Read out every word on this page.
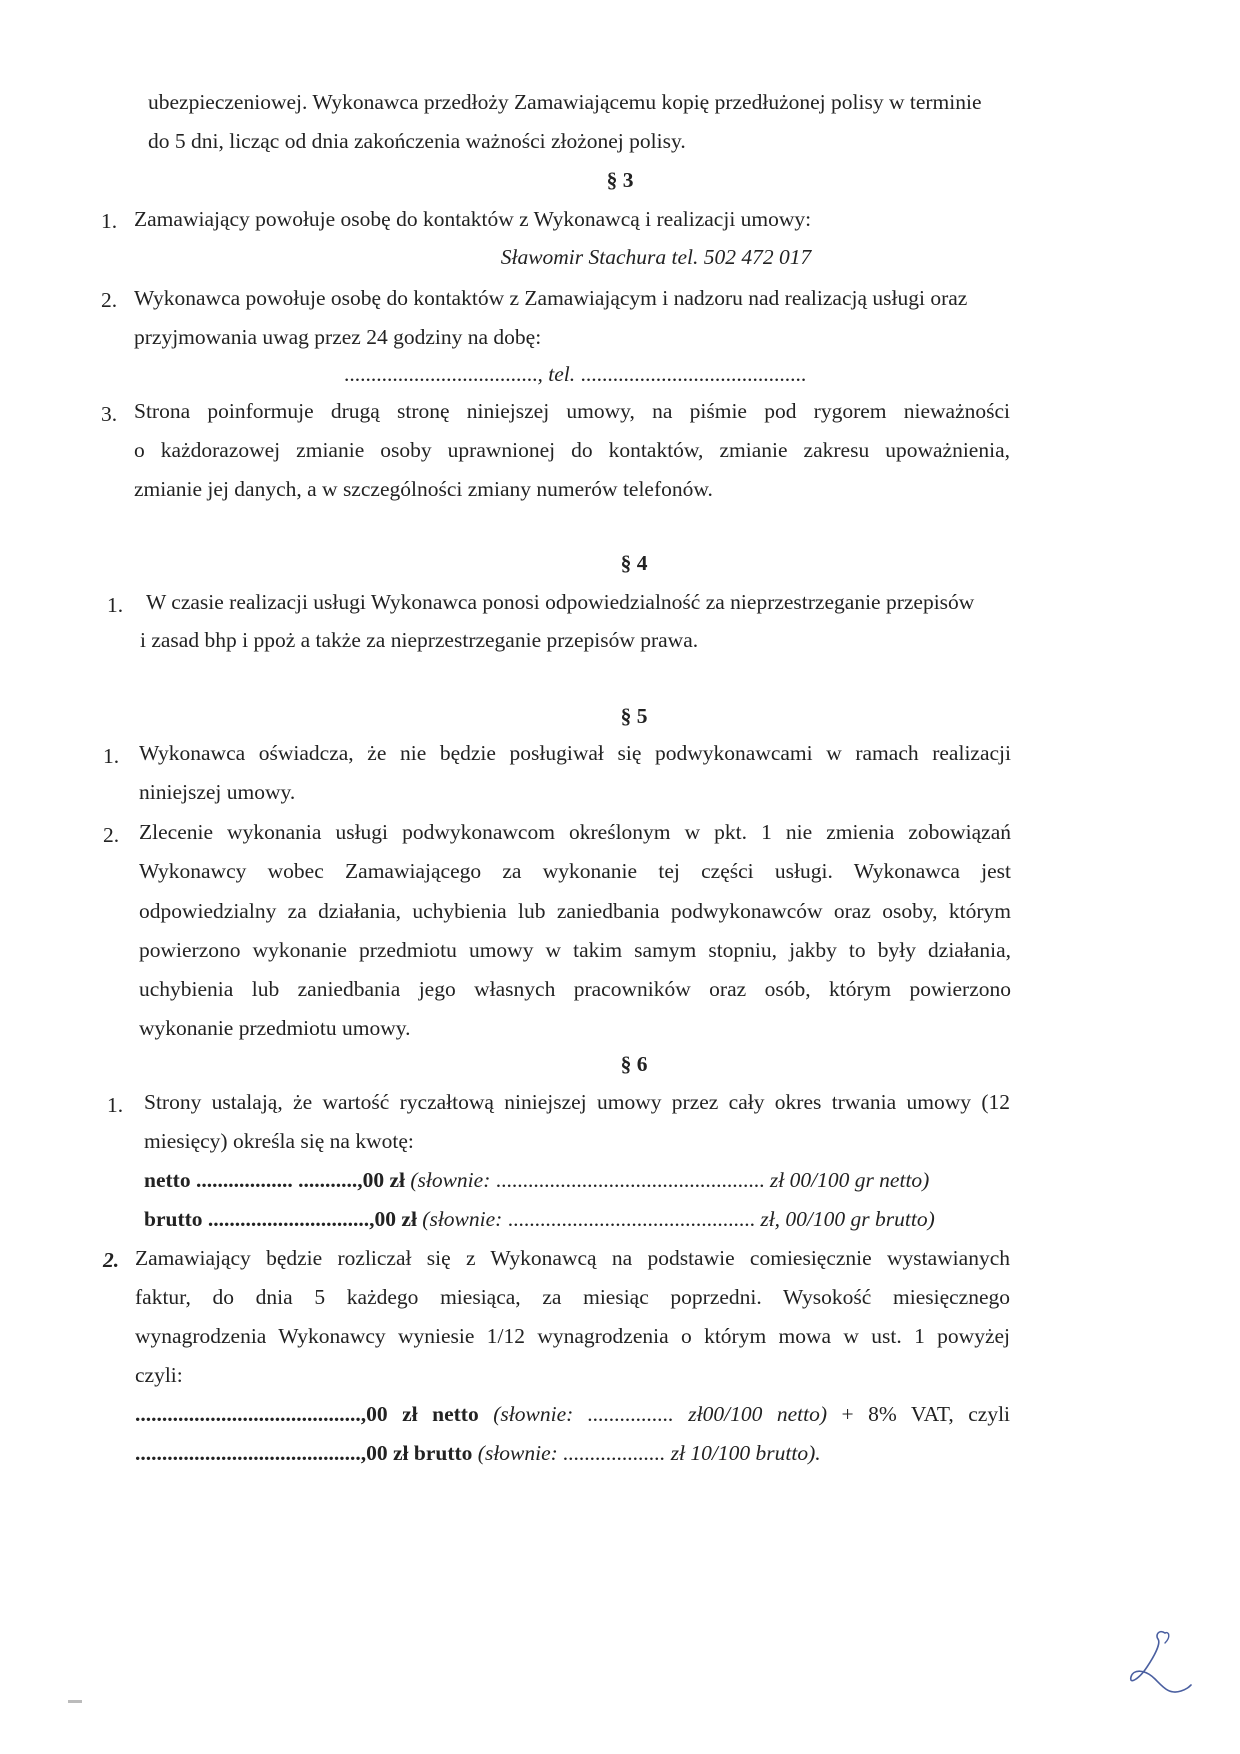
ubezpieczeniowej. Wykonawca przedłoży Zamawiającemu kopię przedłużonej polisy w terminie
do 5 dni, licząc od dnia zakończenia ważności złożonej polisy.
§ 3
1. Zamawiający powołuje osobę do kontaktów z Wykonawcą i realizacji umowy:
Sławomir Stachura tel. 502 472 017
2. Wykonawca powołuje osobę do kontaktów z Zamawiającym i nadzoru nad realizacją usługi oraz
przyjmowania uwag przez 24 godziny na dobę:
...................................., tel. ..........................................
3. Strona poinformuje drugą stronę niniejszej umowy, na piśmie pod rygorem nieważności
o każdorazowej zmianie osoby uprawnionej do kontaktów, zmianie zakresu upoważnienia,
zmianie jej danych, a w szczególności zmiany numerów telefonów.
§ 4
1. W czasie realizacji usługi Wykonawca ponosi odpowiedzialność za nieprzestrzeganie przepisów
i zasad bhp i ppoż a także za nieprzestrzeganie przepisów prawa.
§ 5
1. Wykonawca oświadcza, że nie będzie posługiwał się podwykonawcami w ramach realizacji
niniejszej umowy.
2. Zlecenie wykonania usługi podwykonawcom określonym w pkt. 1 nie zmienia zobowiązań
Wykonawcy wobec Zamawiającego za wykonanie tej części usługi. Wykonawca jest
odpowiedzialny za działania, uchybienia lub zaniedbania podwykonawców oraz osoby, którym
powierzono wykonanie przedmiotu umowy w takim samym stopniu, jakby to były działania,
uchybienia lub zaniedbania jego własnych pracowników oraz osób, którym powierzono
wykonanie przedmiotu umowy.
§ 6
1. Strony ustalają, że wartość ryczałtową niniejszej umowy przez cały okres trwania umowy (12
miesięcy) określa się na kwotę:
netto .................. ...........,00 zł (słownie: .................................................. zł 00/100 gr netto)
brutto ..............................,00 zł (słownie: .............................................. zł, 00/100 gr brutto)
2. Zamawiający będzie rozliczał się z Wykonawcą na podstawie comiesięcznie wystawianych
faktur, do dnia 5 każdego miesiąca, za miesiąc poprzedni. Wysokość miesięcznego
wynagrodzenia Wykonawcy wyniesie 1/12 wynagrodzenia o którym mowa w ust. 1 powyżej
czyli:
..........................................,00 zł netto (słownie: ................ zł00/100 netto) + 8% VAT, czyli
..........................................,00 zł brutto (słownie: ................... zł 10/100 brutto).
